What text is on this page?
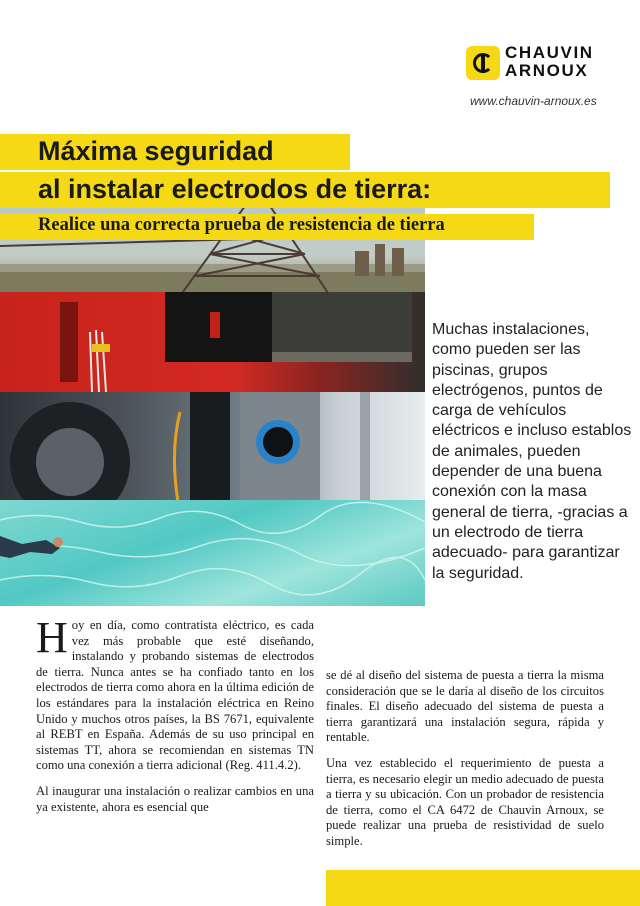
CHAUVIN
ARNOUX
www.chauvin-arnoux.es
Máxima seguridad
al instalar electrodos de tierra:
Realice una correcta prueba de resistencia de tierra
Muchas instalaciones, como pueden ser las piscinas, grupos electrógenos, puntos de carga de vehículos eléctricos e incluso establos de animales, pueden depender de una buena conexión con la masa general de tierra, -gracias a un electrodo de tierra adecuado- para garantizar la seguridad.

Hoy en día, como contratista eléctrico, es cada vez más probable que esté diseñando, instalando y probando sistemas de electrodos de tierra. Nunca antes se ha confiado tanto en los electrodos de tierra como ahora en la última edición de los estándares para la instalación eléctrica en Reino Unido y muchos otros países, la BS 7671, equivalente al REBT en España. Además de su uso principal en sistemas TT, ahora se recomiendan en sistemas TN como una conexión a tierra adicional (Reg. 411.4.2).

Al inaugurar una instalación o realizar cambios en una ya existente, ahora es esencial que

se dé al diseño del sistema de puesta a tierra la misma consideración que se le daría al diseño de los circuitos finales. El diseño adecuado del sistema de puesta a tierra garantizará una instalación segura, rápida y rentable.

Una vez establecido el requerimiento de puesta a tierra, es necesario elegir un medio adecuado de puesta a tierra y su ubicación. Con un probador de resistencia de tierra, como el CA 6472 de Chauvin Arnoux, se puede realizar una prueba de resistividad de suelo simple.
